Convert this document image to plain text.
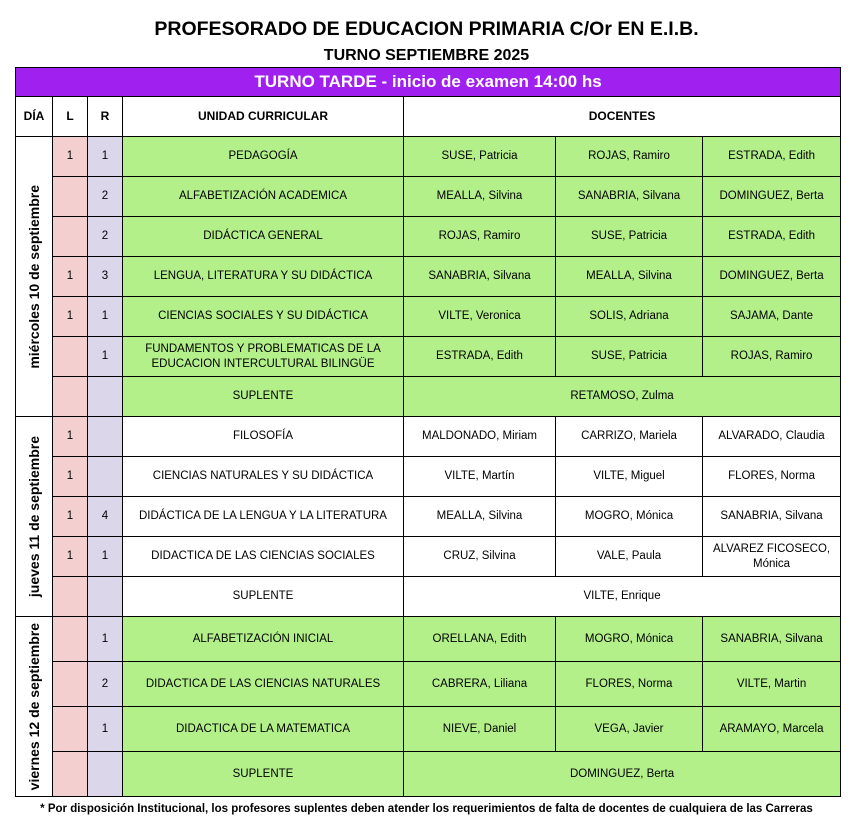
PROFESORADO DE EDUCACION PRIMARIA C/Or EN E.I.B.
TURNO SEPTIEMBRE 2025
TURNO TARDE - inicio de examen 14:00 hs						
DÍA	L	R	UNIDAD CURRICULAR	DOCENTES		

miércoles 10 de septiembre	1	1	PEDAGOGÍA	SUSE, Patricia	ROJAS, Ramiro	ESTRADA, Edith
		2	ALFABETIZACIÓN ACADEMICA	MEALLA, Silvina	SANABRIA, Silvana	DOMINGUEZ, Berta
		2	DIDÁCTICA GENERAL	ROJAS, Ramiro	SUSE, Patricia	ESTRADA, Edith
	1	3	LENGUA, LITERATURA Y SU DIDÁCTICA	SANABRIA, Silvana	MEALLA, Silvina	DOMINGUEZ, Berta
	1	1	CIENCIAS SOCIALES Y SU DIDÁCTICA	VILTE, Veronica	SOLIS, Adriana	SAJAMA, Dante
		1	FUNDAMENTOS Y PROBLEMATICAS DE LA EDUCACION INTERCULTURAL BILINGÜE	ESTRADA, Edith	SUSE, Patricia	ROJAS, Ramiro
			SUPLENTE	RETAMOSO, Zulma		

jueves 11 de septiembre	1		FILOSOFÍA	MALDONADO, Miriam	CARRIZO, Mariela	ALVARADO, Claudia
	1		CIENCIAS NATURALES Y SU DIDÁCTICA	VILTE, Martín	VILTE, Miguel	FLORES, Norma
	1	4	DIDÁCTICA DE LA LENGUA Y LA LITERATURA	MEALLA, Silvina	MOGRO, Mónica	SANABRIA, Silvana
	1	1	DIDACTICA DE LAS CIENCIAS SOCIALES	CRUZ, Silvina	VALE, Paula	ALVAREZ FICOSECO, Mónica
			SUPLENTE	VILTE, Enrique		

viernes 12 de septiembre		1	ALFABETIZACIÓN INICIAL	ORELLANA, Edith	MOGRO, Mónica	SANABRIA, Silvana
		2	DIDACTICA DE LAS CIENCIAS NATURALES	CABRERA, Liliana	FLORES, Norma	VILTE, Martin
		1	DIDACTICA DE LA MATEMATICA	NIEVE, Daniel	VEGA, Javier	ARAMAYO, Marcela
			SUPLENTE	DOMINGUEZ, Berta		
* Por disposición Institucional, los profesores suplentes deben atender los requerimientos de falta de docentes de cualquiera de las Carreras
